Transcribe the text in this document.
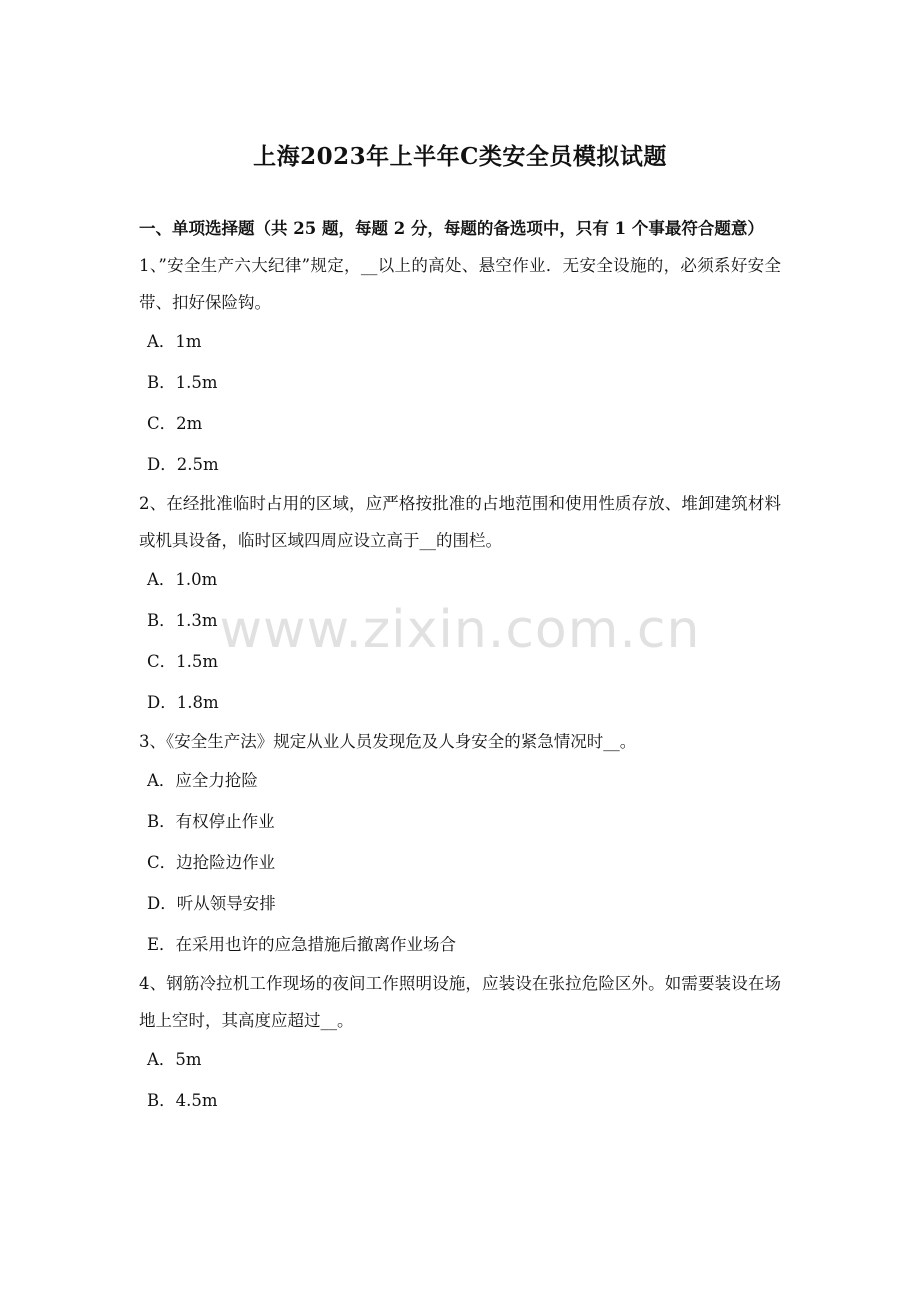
上海2023年上半年C类安全员模拟试题

一、单项选择题（共 25 题，每题 2 分，每题的备选项中，只有 1 个事最符合题意）

1、”安全生产六大纪律”规定，__以上的高处、悬空作业．无安全设施的，必须系好安全带、扣好保险钩。

A．1m

B．1.5m

C．2m

D．2.5m

2、在经批准临时占用的区域，应严格按批准的占地范围和使用性质存放、堆卸建筑材料或机具设备，临时区域四周应设立高于__的围栏。

A．1.0m

B．1.3m

C．1.5m

D．1.8m

3、《安全生产法》规定从业人员发现危及人身安全的紧急情况时__。

A．应全力抢险

B．有权停止作业

C．边抢险边作业

D．听从领导安排

E．在采用也许的应急措施后撤离作业场合

4、钢筋冷拉机工作现场的夜间工作照明设施，应装设在张拉危险区外。如需要装设在场地上空时，其高度应超过__。

A．5m

B．4.5m

www.zixin.com.cn
